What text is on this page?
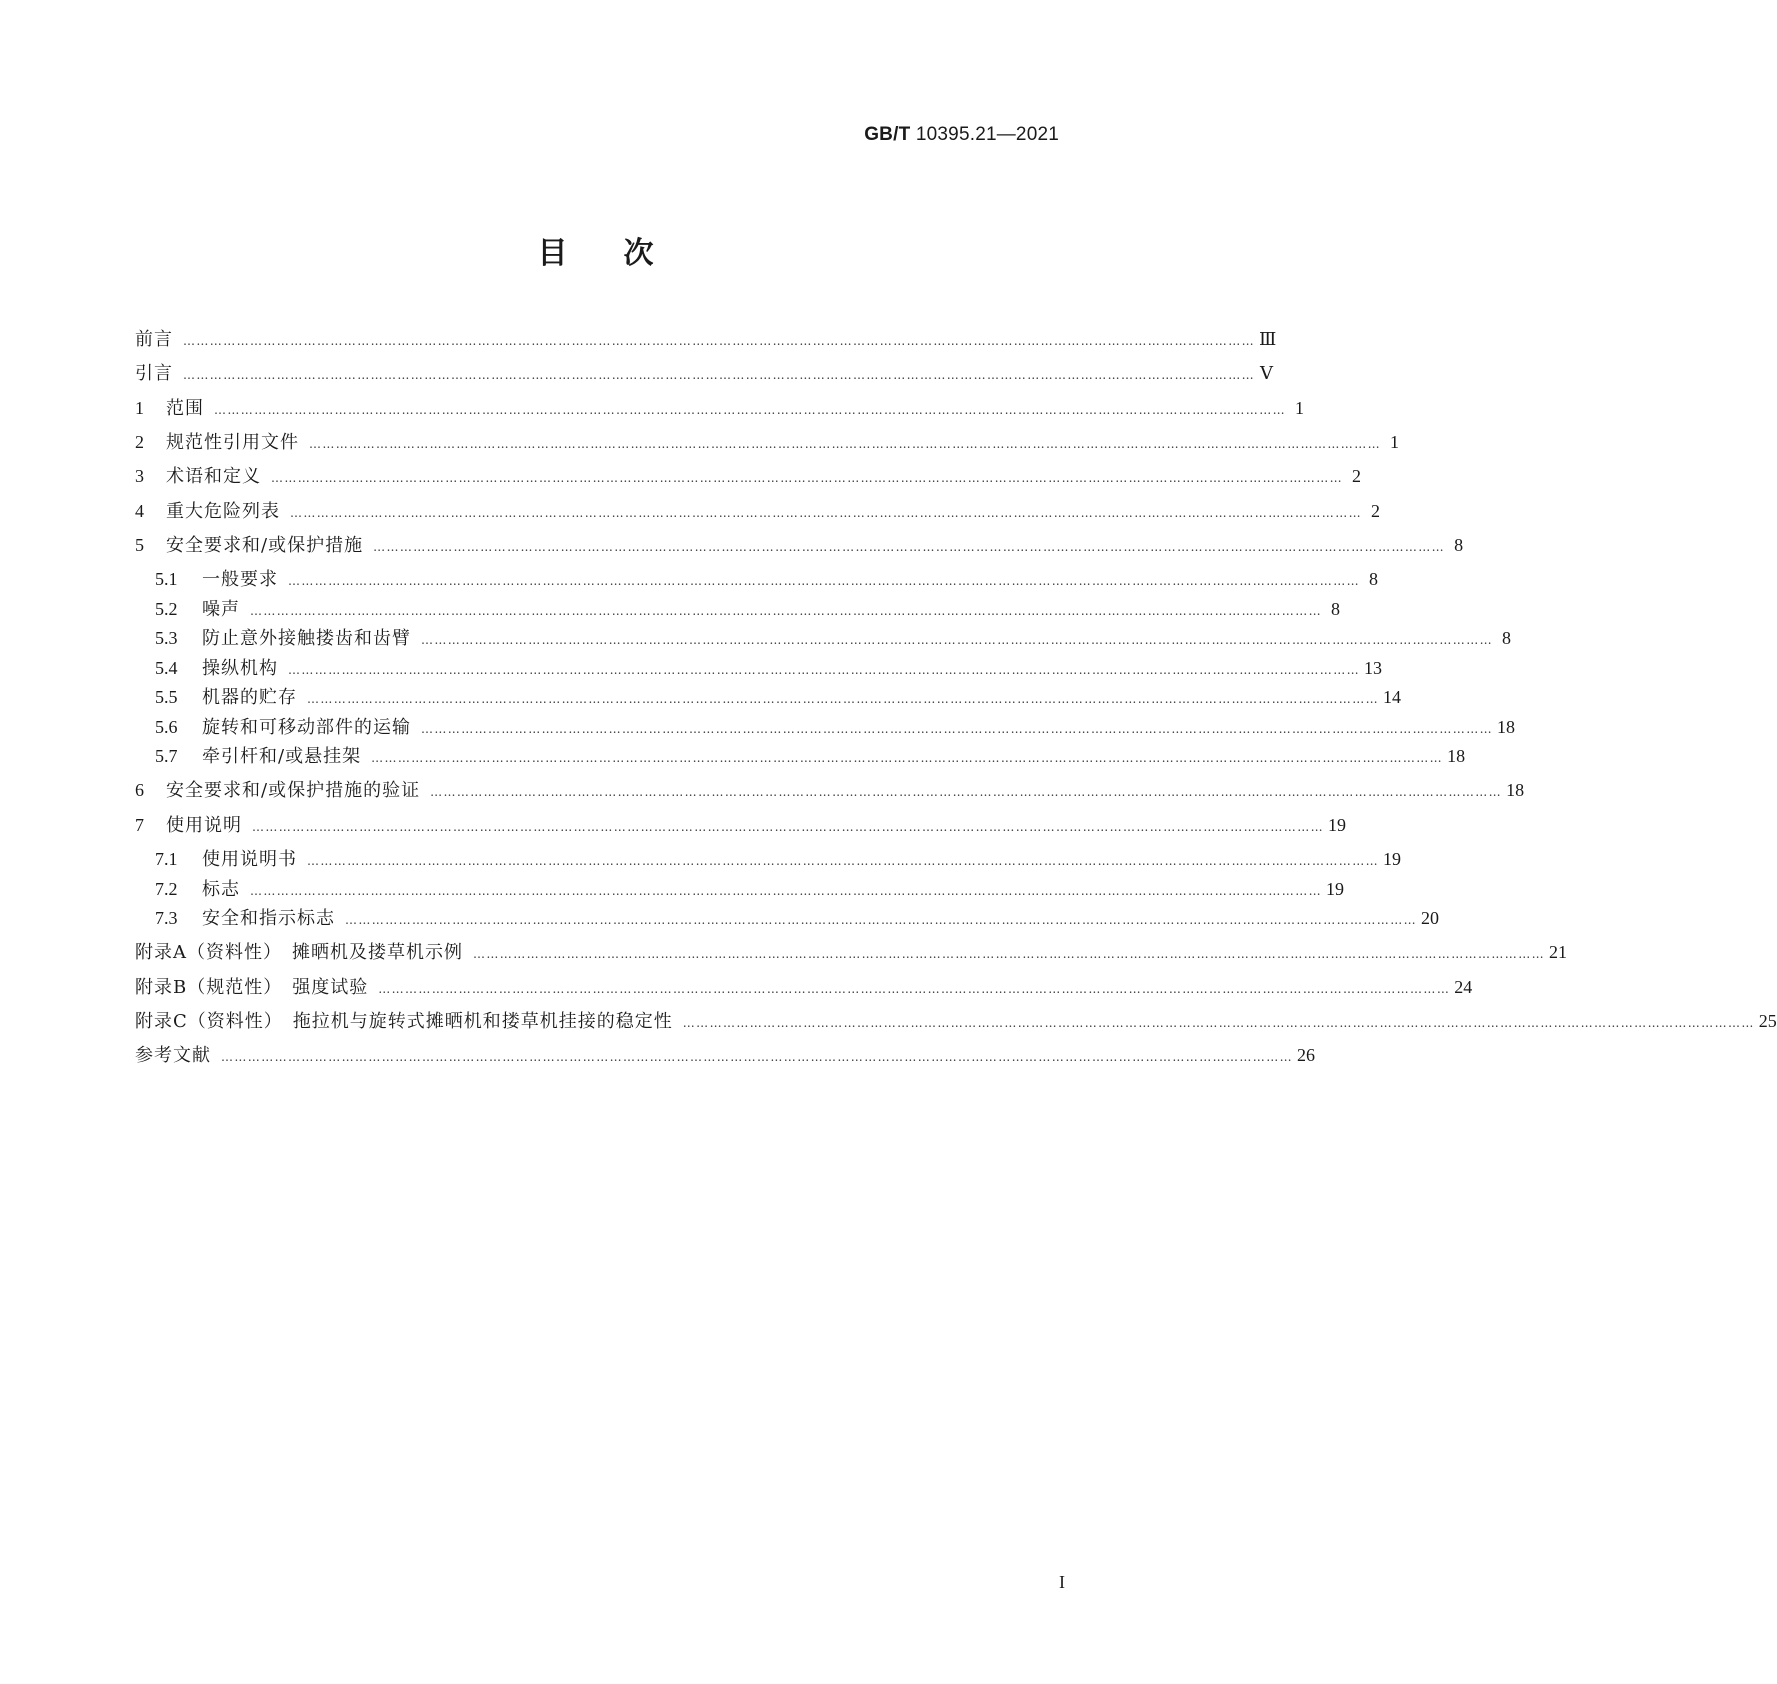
GB/T 10395.21—2021
目次
前言 …………………………………………………………………………………………………………………………………………………………………………………………………………………… Ⅲ
引言 …………………………………………………………………………………………………………………………………………………………………………………………………………………… Ⅴ
1	范围 …………………………………………………………………………………………………………………………………………………………………………………………………………………… 1
2	规范性引用文件 …………………………………………………………………………………………………………………………………………………………………………………………………………………… 1
3	术语和定义 …………………………………………………………………………………………………………………………………………………………………………………………………………………… 2
4	重大危险列表 …………………………………………………………………………………………………………………………………………………………………………………………………………………… 2
5	安全要求和/或保护措施 …………………………………………………………………………………………………………………………………………………………………………………………………………………… 8
5.1	一般要求 …………………………………………………………………………………………………………………………………………………………………………………………………………………… 8
5.2	噪声 …………………………………………………………………………………………………………………………………………………………………………………………………………………… 8
5.3	防止意外接触搂齿和齿臂 …………………………………………………………………………………………………………………………………………………………………………………………………………………… 8
5.4	操纵机构 …………………………………………………………………………………………………………………………………………………………………………………………………………………… 13
5.5	机器的贮存 …………………………………………………………………………………………………………………………………………………………………………………………………………………… 14
5.6	旋转和可移动部件的运输 …………………………………………………………………………………………………………………………………………………………………………………………………………………… 18
5.7	牵引杆和/或悬挂架 …………………………………………………………………………………………………………………………………………………………………………………………………………………… 18
6	安全要求和/或保护措施的验证 …………………………………………………………………………………………………………………………………………………………………………………………………………………… 18
7	使用说明 …………………………………………………………………………………………………………………………………………………………………………………………………………………… 19
7.1	使用说明书 …………………………………………………………………………………………………………………………………………………………………………………………………………………… 19
7.2	标志 …………………………………………………………………………………………………………………………………………………………………………………………………………………… 19
7.3	安全和指示标志 …………………………………………………………………………………………………………………………………………………………………………………………………………………… 20
附录A（资料性）　摊晒机及搂草机示例 …………………………………………………………………………………………………………………………………………………………………………………………………………………… 21
附录B（规范性）　强度试验 …………………………………………………………………………………………………………………………………………………………………………………………………………………… 24
附录C（资料性）　拖拉机与旋转式摊晒机和搂草机挂接的稳定性 …………………………………………………………………………………………………………………………………………………………………………………………………………………… 25
参考文献 …………………………………………………………………………………………………………………………………………………………………………………………………………………… 26
I
